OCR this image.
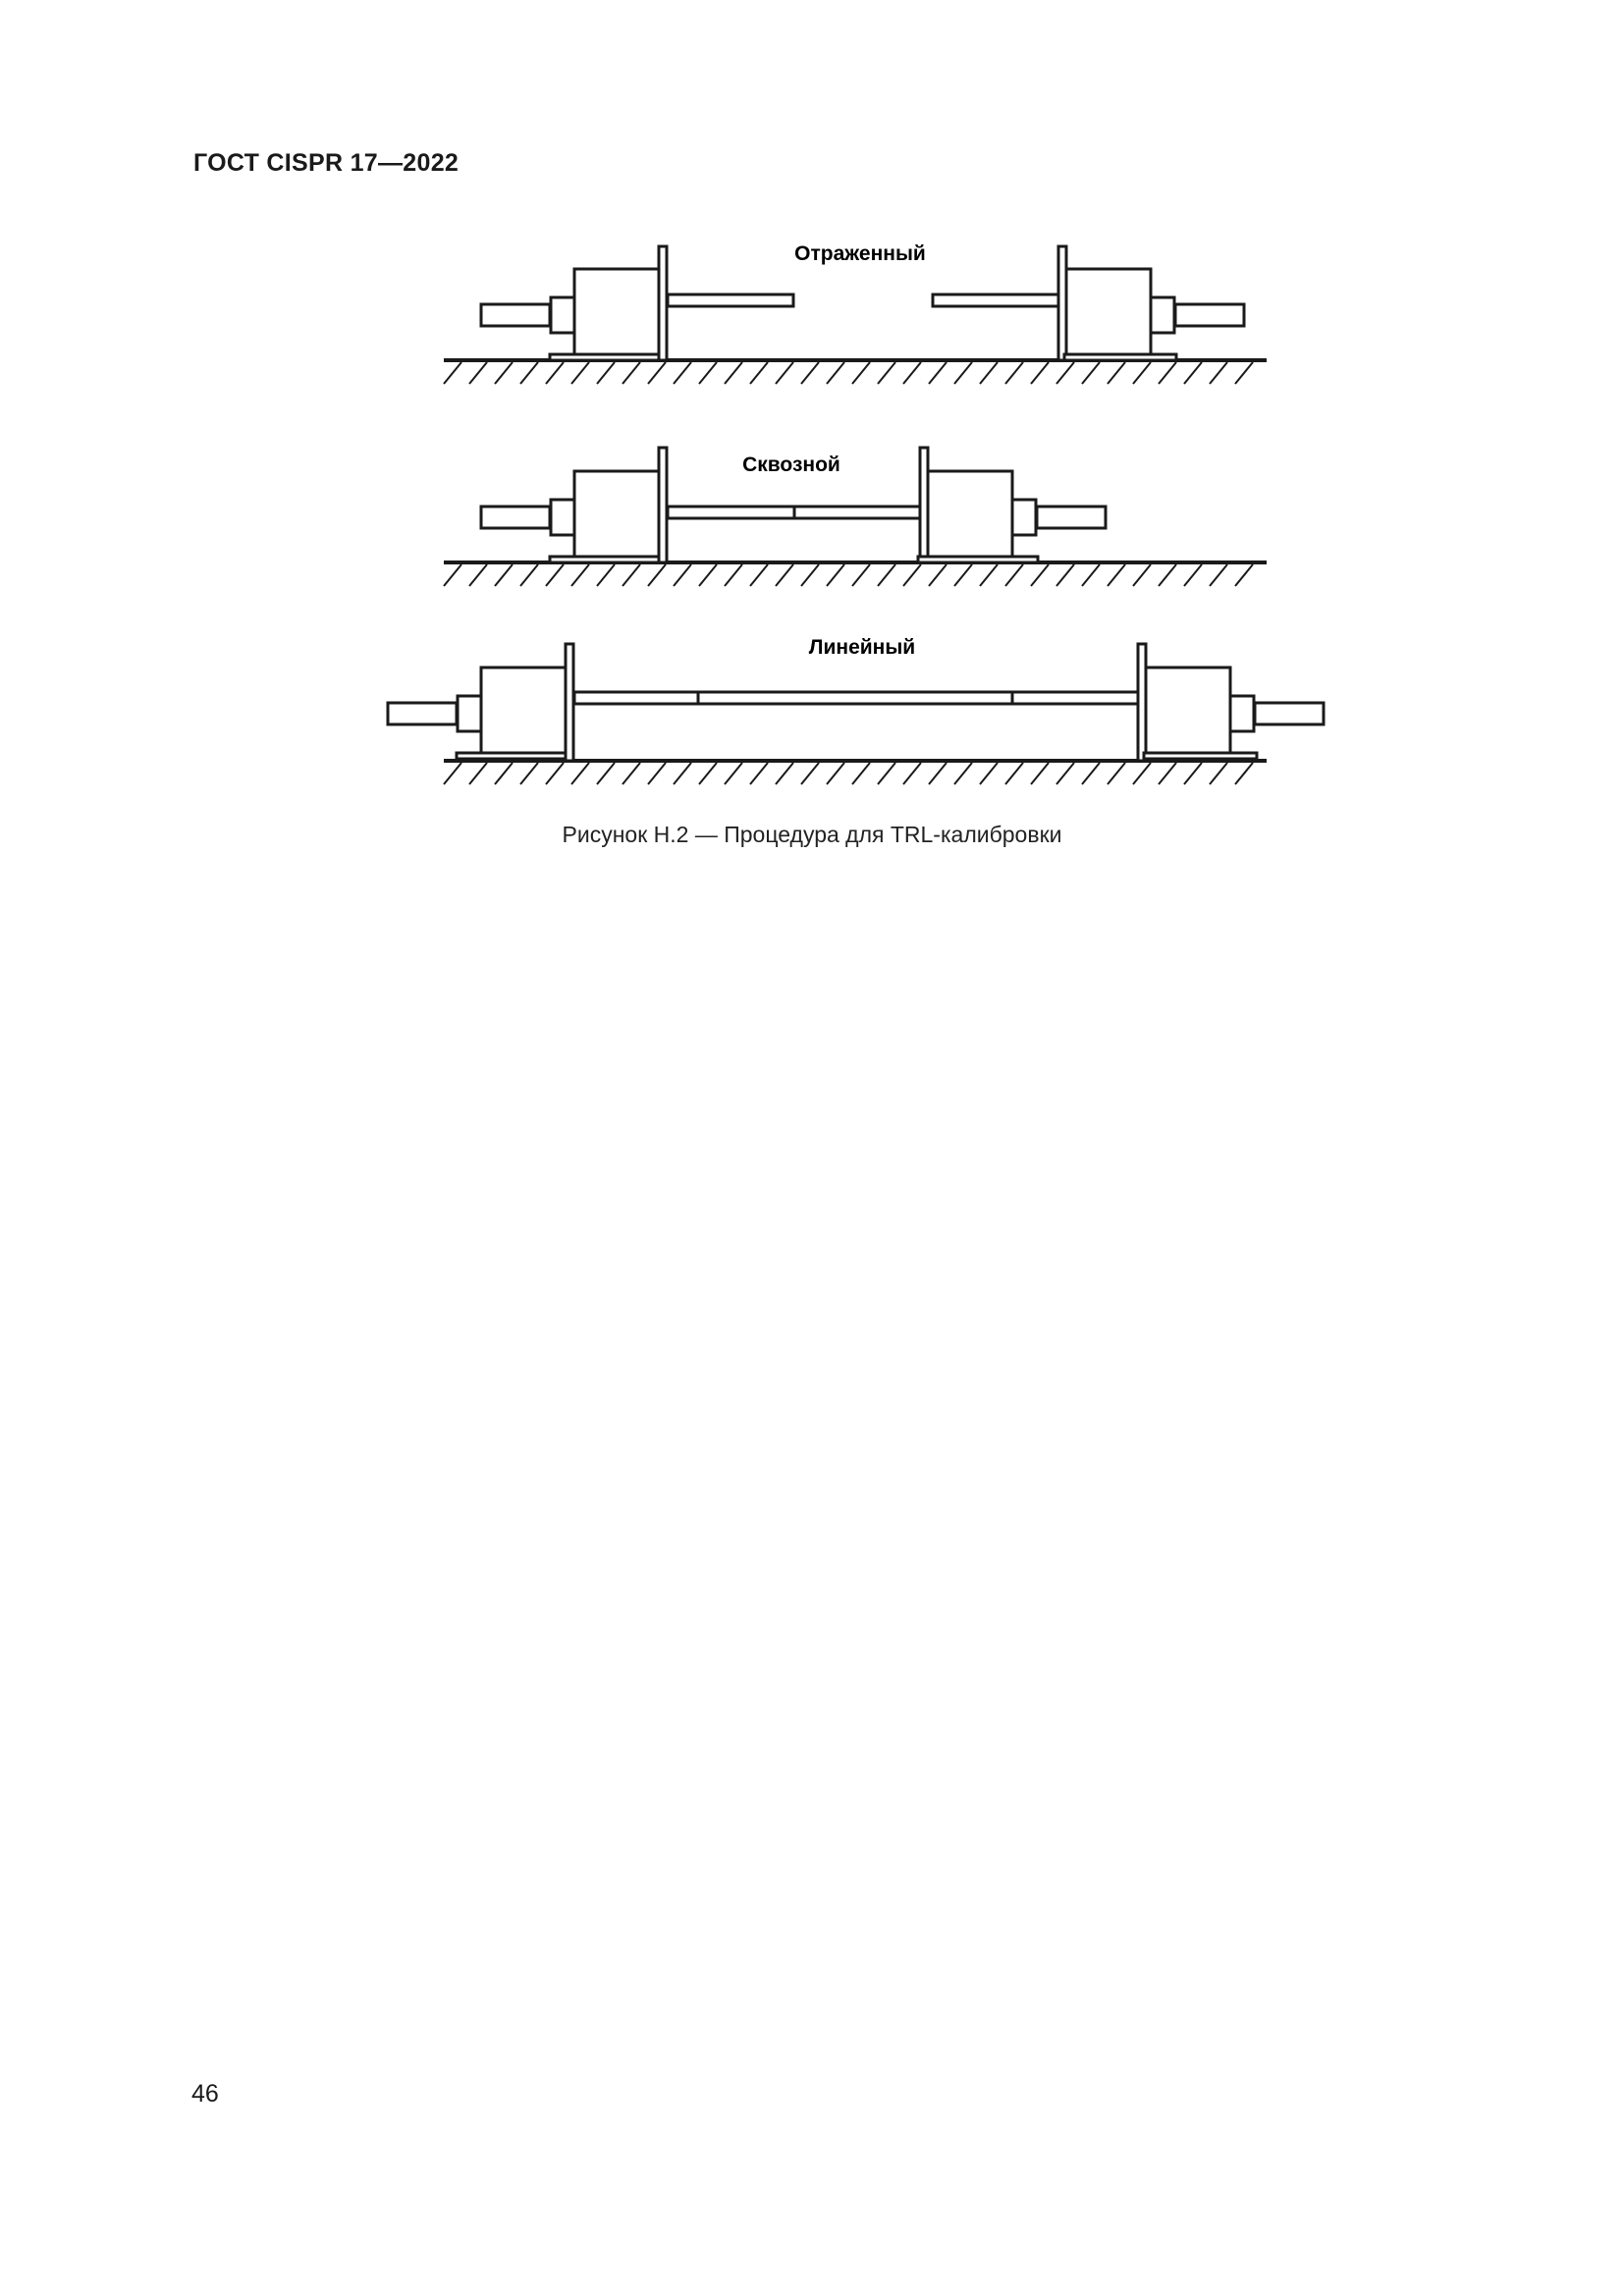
ГОСТ CISPR 17—2022
Отраженный
Сквозной
Линейный
Рисунок Н.2 — Процедура для TRL-калибровки
46
